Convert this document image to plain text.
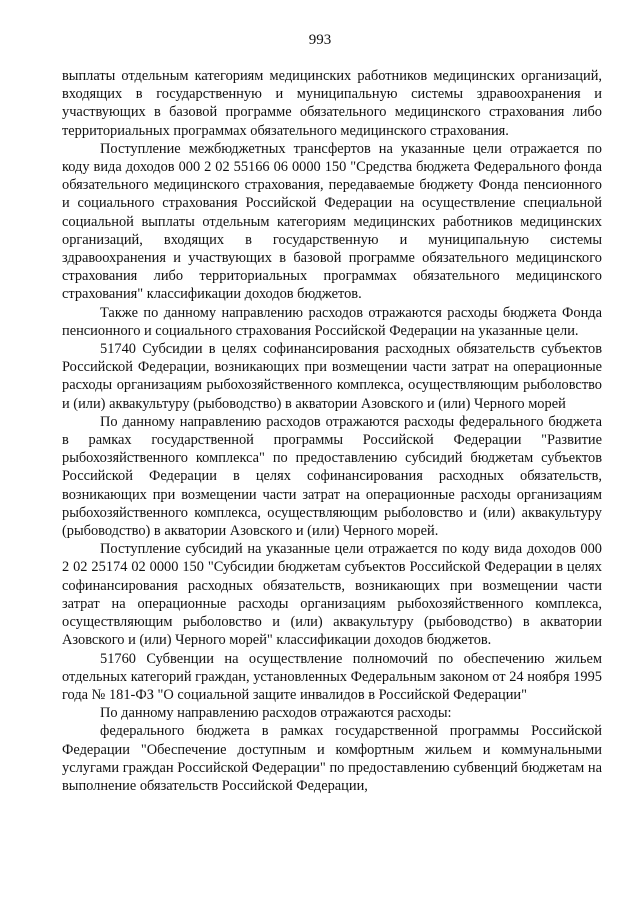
993

выплаты отдельным категориям медицинских работников медицинских организаций, входящих в государственную и муниципальную системы здравоохранения и участвующих в базовой программе обязательного медицинского страхования либо территориальных программах обязательного медицинского страхования.

Поступление межбюджетных трансфертов на указанные цели отражается по коду вида доходов 000 2 02 55166 06 0000 150 "Средства бюджета Федерального фонда обязательного медицинского страхования, передаваемые бюджету Фонда пенсионного и социального страхования Российской Федерации на осуществление специальной социальной выплаты отдельным категориям медицинских работников медицинских организаций, входящих в государственную и муниципальную системы здравоохранения и участвующих в базовой программе обязательного медицинского страхования либо территориальных программах обязательного медицинского страхования" классификации доходов бюджетов.

Также по данному направлению расходов отражаются расходы бюджета Фонда пенсионного и социального страхования Российской Федерации на указанные цели.

51740 Субсидии в целях софинансирования расходных обязательств субъектов Российской Федерации, возникающих при возмещении части затрат на операционные расходы организациям рыбохозяйственного комплекса, осуществляющим рыболовство и (или) аквакультуру (рыбоводство) в акватории Азовского и (или) Черного морей

По данному направлению расходов отражаются расходы федерального бюджета в рамках государственной программы Российской Федерации "Развитие рыбохозяйственного комплекса" по предоставлению субсидий бюджетам субъектов Российской Федерации в целях софинансирования расходных обязательств, возникающих при возмещении части затрат на операционные расходы организациям рыбохозяйственного комплекса, осуществляющим рыболовство и (или) аквакультуру (рыбоводство) в акватории Азовского и (или) Черного морей.

Поступление субсидий на указанные цели отражается по коду вида доходов 000 2 02 25174 02 0000 150 "Субсидии бюджетам субъектов Российской Федерации в целях софинансирования расходных обязательств, возникающих при возмещении части затрат на операционные расходы организациям рыбохозяйственного комплекса, осуществляющим рыболовство и (или) аквакультуру (рыбоводство) в акватории Азовского и (или) Черного морей" классификации доходов бюджетов.

51760 Субвенции на осуществление полномочий по обеспечению жильем отдельных категорий граждан, установленных Федеральным законом от 24 ноября 1995 года № 181-ФЗ "О социальной защите инвалидов в Российской Федерации"

По данному направлению расходов отражаются расходы:

федерального бюджета в рамках государственной программы Российской Федерации "Обеспечение доступным и комфортным жильем и коммунальными услугами граждан Российской Федерации" по предоставлению субвенций бюджетам на выполнение обязательств Российской Федерации,
